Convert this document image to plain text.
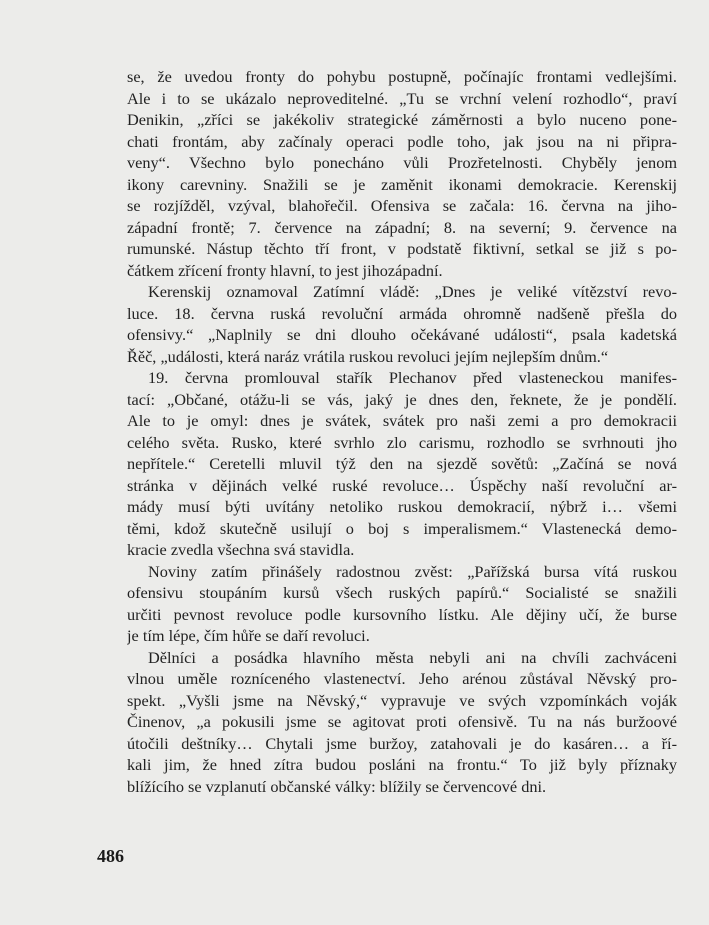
se, že uvedou fronty do pohybu postupně, počínajíc frontami vedlejšími.
Ale i to se ukázalo neproveditelné. „Tu se vrchní velení rozhodlo“, praví
Denikin, „zříci se jakékoliv strategické záměrnosti a bylo nuceno pone-
chati frontám, aby začínaly operaci podle toho, jak jsou na ni připra-
veny“. Všechno bylo ponecháno vůli Prozřetelnosti. Chyběly jenom
ikony carevniny. Snažili se je zaměnit ikonami demokracie. Kerenskij
se rozjížděl, vzýval, blahořečil. Ofensiva se začala: 16. června na jiho-
západní frontě; 7. července na západní; 8. na severní; 9. července na
rumunské. Nástup těchto tří front, v podstatě fiktivní, setkal se již s po-
čátkem zřícení fronty hlavní, to jest jihozápadní.
Kerenskij oznamoval Zatímní vládě: „Dnes je veliké vítězství revo-
luce. 18. června ruská revoluční armáda ohromně nadšeně přešla do
ofensivy.“ „Naplnily se dni dlouho očekávané události“, psala kadetská
Řěč, „události, která naráz vrátila ruskou revoluci jejím nejlepším dnům.“
19. června promlouval stařík Plechanov před vlasteneckou manifes-
tací: „Občané, otážu-li se vás, jaký je dnes den, řeknete, že je pondělí.
Ale to je omyl: dnes je svátek, svátek pro naši zemi a pro demokracii
celého světa. Rusko, které svrhlo zlo carismu, rozhodlo se svrhnouti jho
nepřítele.“ Ceretelli mluvil týž den na sjezdě sovětů: „Začíná se nová
stránka v dějinách velké ruské revoluce… Úspěchy naší revoluční ar-
mády musí býti uvítány netoliko ruskou demokracií, nýbrž i… všemi
těmi, kdož skutečně usilují o boj s imperalismem.“ Vlastenecká demo-
kracie zvedla všechna svá stavidla.
Noviny zatím přinášely radostnou zvěst: „Pařížská bursa vítá ruskou
ofensivu stoupáním kursů všech ruských papírů.“ Socialisté se snažili
určiti pevnost revoluce podle kursovního lístku. Ale dějiny učí, že burse
je tím lépe, čím hůře se daří revoluci.
Dělníci a posádka hlavního města nebyli ani na chvíli zachváceni
vlnou uměle rozníceného vlastenectví. Jeho arénou zůstával Něvský pro-
spekt. „Vyšli jsme na Něvský,“ vypravuje ve svých vzpomínkách voják
Činenov, „a pokusili jsme se agitovat proti ofensivě. Tu na nás buržoové
útočili deštníky… Chytali jsme buržoy, zatahovali je do kasáren… a ří-
kali jim, že hned zítra budou posláni na frontu.“ To již byly příznaky
blížícího se vzplanutí občanské války: blížily se červencové dni.
486
